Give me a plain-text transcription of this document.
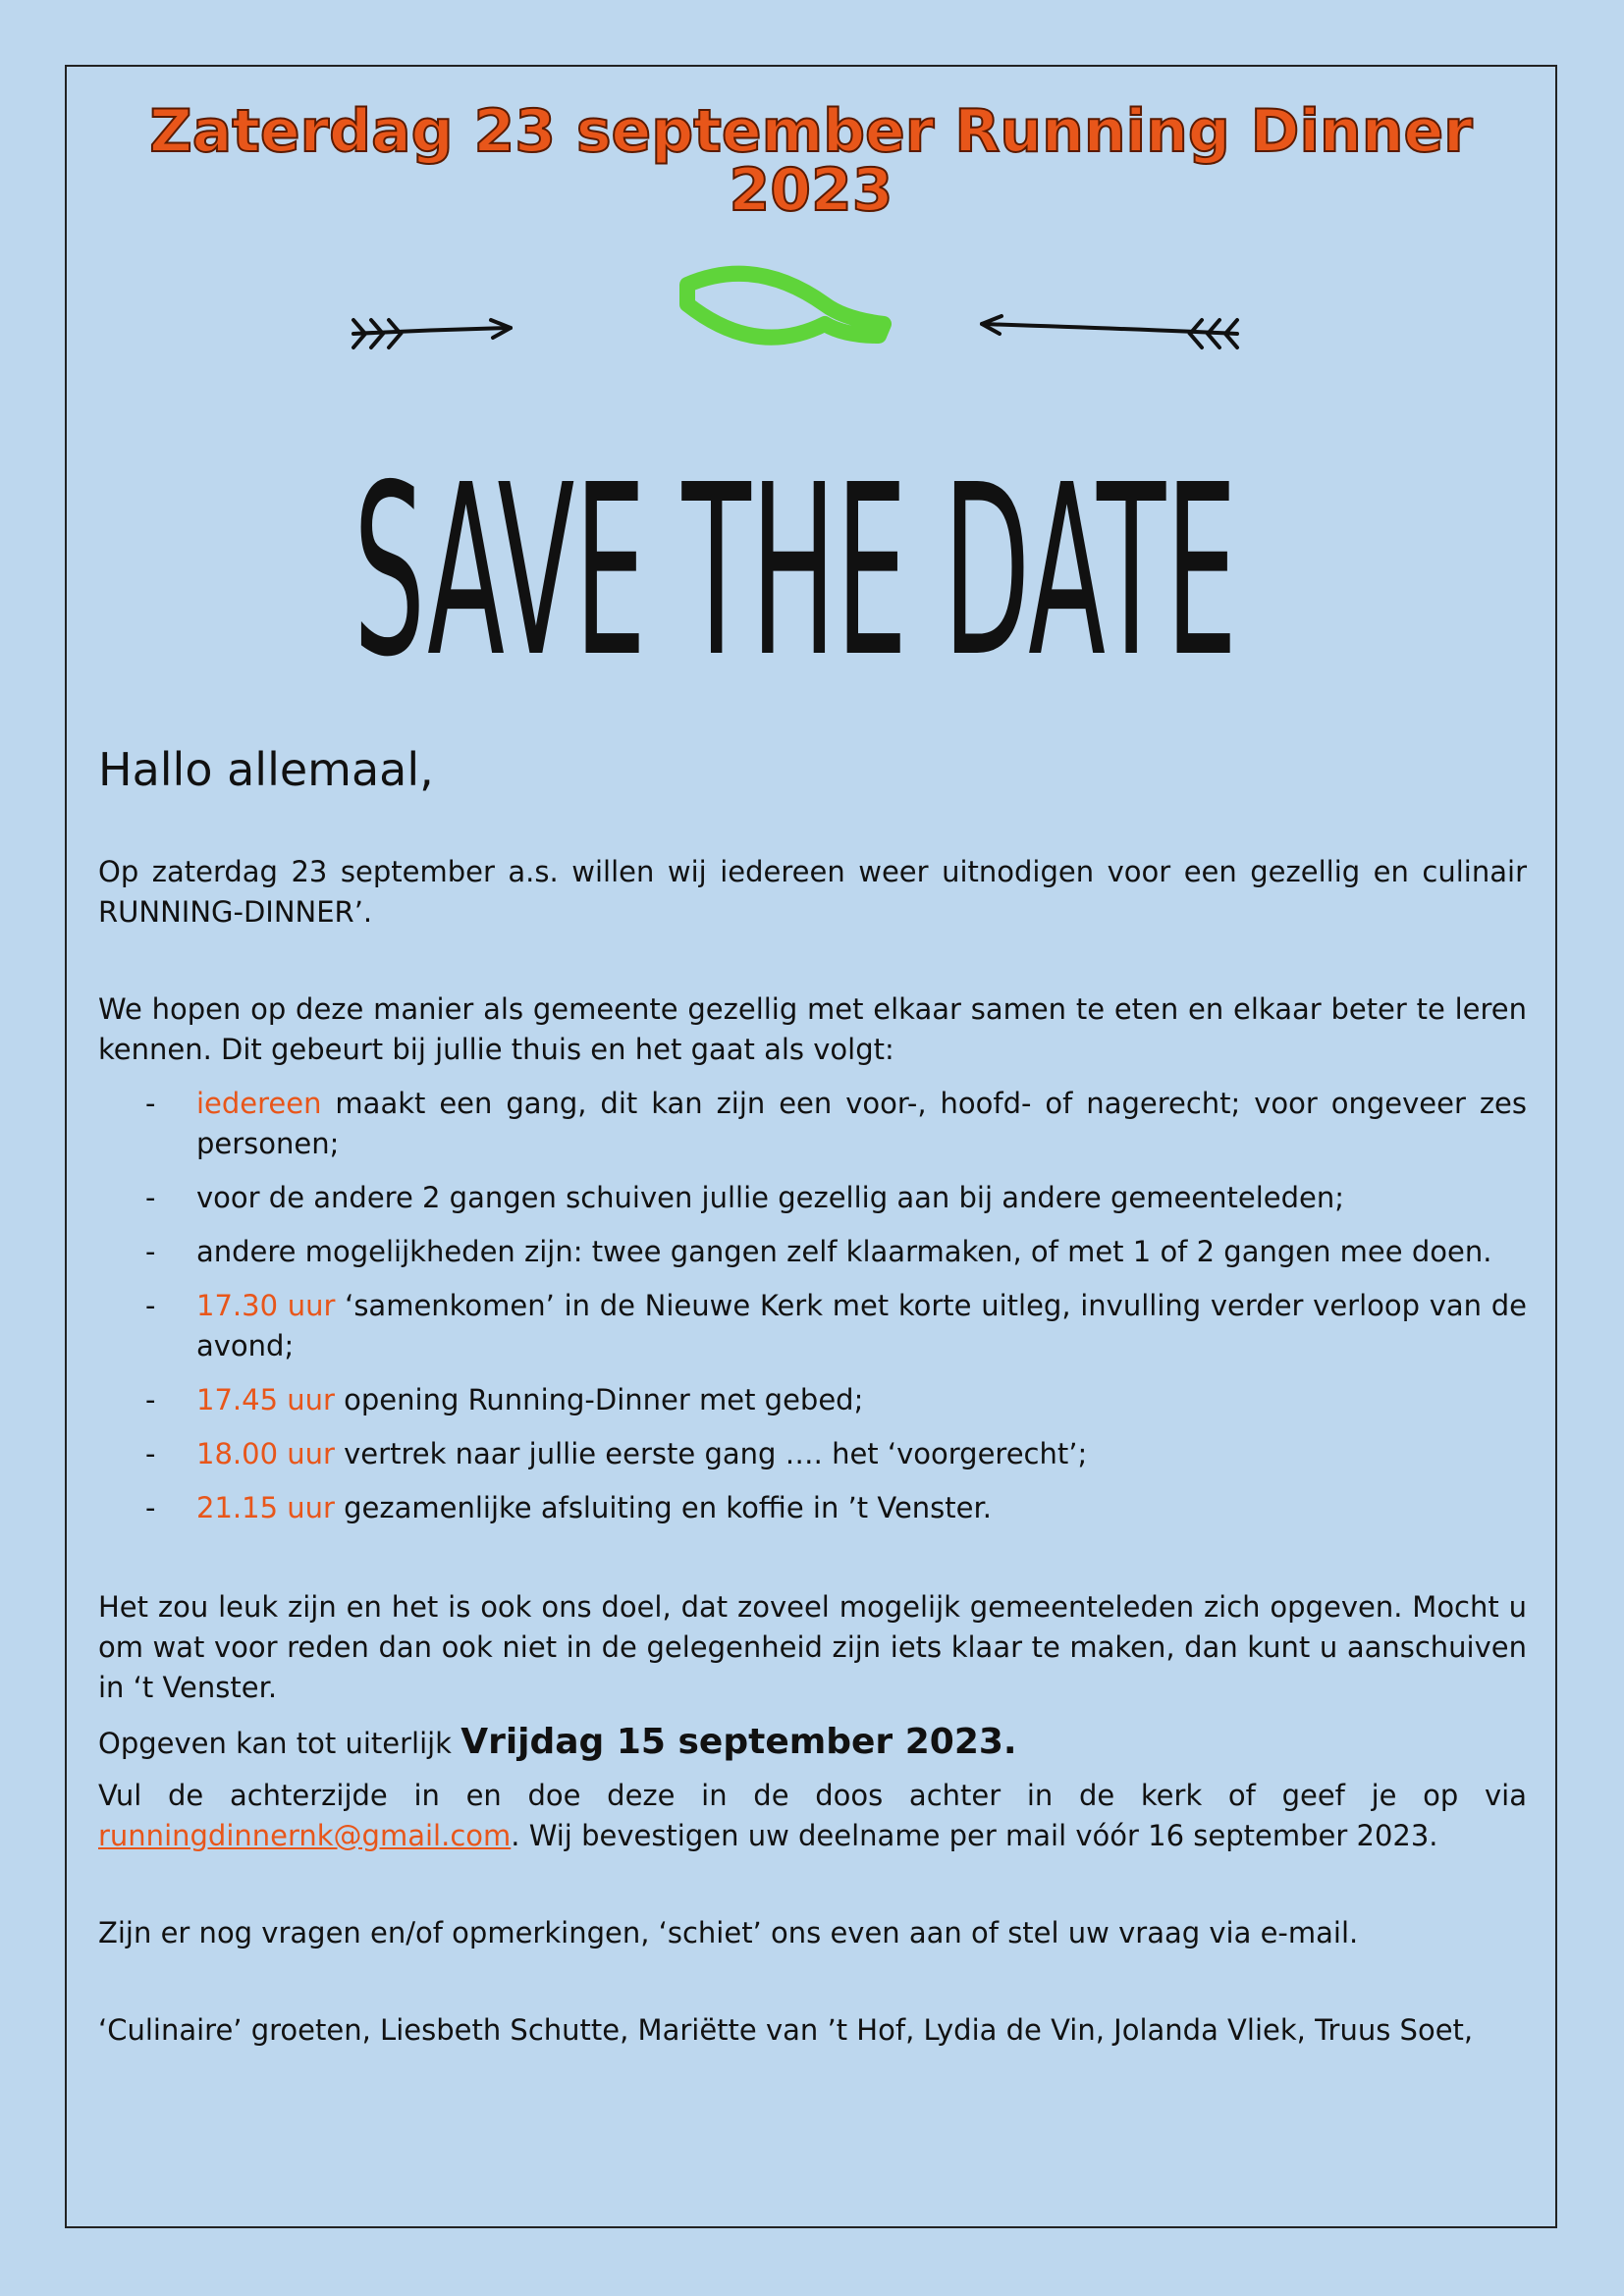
Zaterdag 23 september Running Dinner 2023
SAVE THE DATE
Hallo allemaal,

Op zaterdag 23 september a.s. willen wij iedereen weer uitnodigen voor een gezellig en culinair RUNNING-DINNER’.

We hopen op deze manier als gemeente gezellig met elkaar samen te eten en elkaar beter te leren kennen. Dit gebeurt bij jullie thuis en het gaat als volgt:

- iedereen maakt een gang, dit kan zijn een voor-, hoofd- of nagerecht; voor ongeveer zes personen;
- voor de andere 2 gangen schuiven jullie gezellig aan bij andere gemeenteleden;
- andere mogelijkheden zijn: twee gangen zelf klaarmaken, of met 1 of 2 gangen mee doen.
- 17.30 uur ‘samenkomen’ in de Nieuwe Kerk met korte uitleg, invulling verder verloop van de avond;
- 17.45 uur opening Running-Dinner met gebed;
- 18.00 uur vertrek naar jullie eerste gang …. het ‘voorgerecht’;
- 21.15 uur gezamenlijke afsluiting en koffie in ’t Venster.

Het zou leuk zijn en het is ook ons doel, dat zoveel mogelijk gemeenteleden zich opgeven. Mocht u om wat voor reden dan ook niet in de gelegenheid zijn iets klaar te maken, dan kunt u aanschuiven in ‘t Venster.

Opgeven kan tot uiterlijk Vrijdag 15 september 2023.

Vul de achterzijde in en doe deze in de doos achter in de kerk of geef je op via runningdinnernk@gmail.com. Wij bevestigen uw deelname per mail vóór 16 september 2023.

Zijn er nog vragen en/of opmerkingen, ‘schiet’ ons even aan of stel uw vraag via e-mail.

‘Culinaire’ groeten, Liesbeth Schutte, Mariëtte van ’t Hof, Lydia de Vin, Jolanda Vliek, Truus Soet,
